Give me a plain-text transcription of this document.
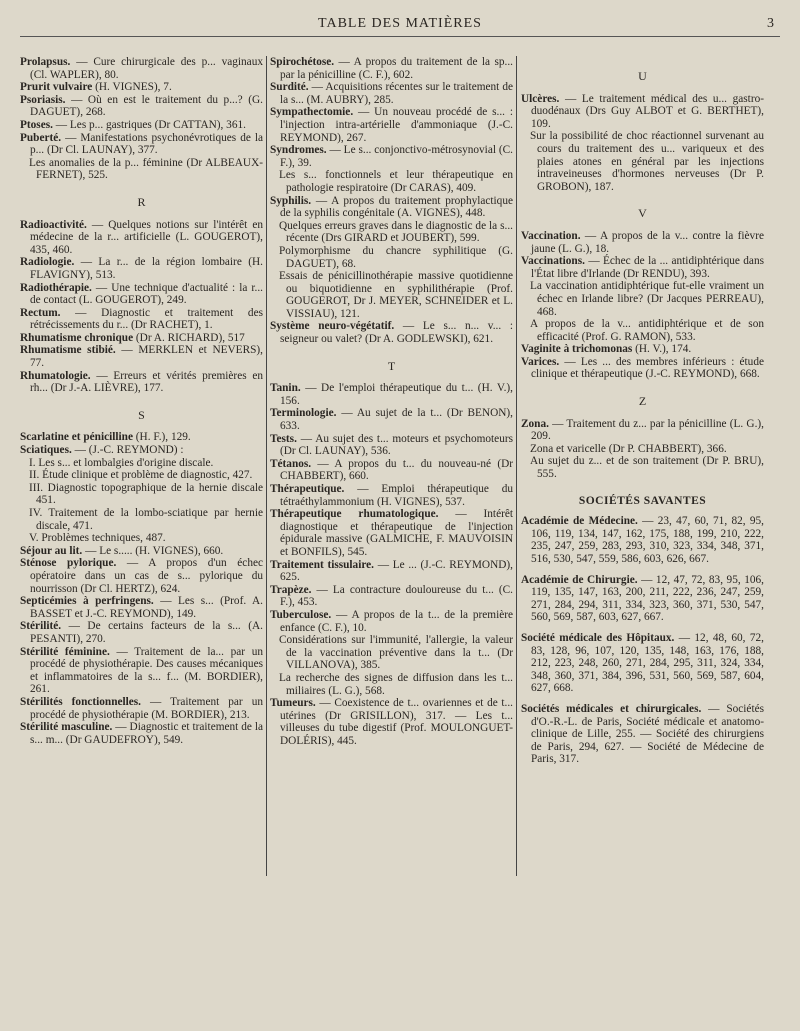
TABLE DES MATIÈRES	3

Prolapsus. — Cure chirurgicale des p... vaginaux (Cl. WAPLER), 80.

Prurit vulvaire (H. VIGNES), 7.

Psoriasis. — Où en est le traitement du p...? (G. DAGUET), 268.

Ptoses. — Les p... gastriques (Dr CATTAN), 361.

Puberté. — Manifestations psychonévrotiques de la p... (Dr Cl. LAUNAY), 377.

Les anomalies de la p... féminine (Dr ALBEAUX-FERNET), 525.

R

Radioactivité. — Quelques notions sur l'intérêt en médecine de la r... artificielle (L. GOUGEROT), 435, 460.

Radiologie. — La r... de la région lombaire (H. FLAVIGNY), 513.

Radiothérapie. — Une technique d'actualité : la r... de contact (L. GOUGEROT), 249.

Rectum. — Diagnostic et traitement des rétrécissements du r... (Dr RACHET), 1.

Rhumatisme chronique (Dr A. RICHARD), 517

Rhumatisme stibié. — MERKLEN et NEVERS), 77.

Rhumatologie. — Erreurs et vérités premières en rh... (Dr J.-A. LIÈVRE), 177.

S

Scarlatine et pénicilline (H. F.), 129.

Sciatiques. — (J.-C. REYMOND) :

I. Les s... et lombalgies d'origine discale.

II. Étude clinique et problème de diagnostic, 427.

III. Diagnostic topographique de la hernie discale 451.

IV. Traitement de la lombo-sciatique par hernie discale, 471.

V. Problèmes techniques, 487.

Séjour au lit. — Le s..... (H. VIGNES), 660.

Sténose pylorique. — A propos d'un échec opératoire dans un cas de s... pylorique du nourrisson (Dr Cl. HERTZ), 624.

Septicémies à perfringens. — Les s... (Prof. A. BASSET et J.-C. REYMOND), 149.

Stérilité. — De certains facteurs de la s... (A. PESANTI), 270.

Stérilité féminine. — Traitement de la... par un procédé de physiothérapie. Des causes mécaniques et inflammatoires de la s... f... (M. BORDIER), 261.

Stérilités fonctionnelles. — Traitement par un procédé de physiothérapie (M. BORDIER), 213.

Stérilité masculine. — Diagnostic et traitement de la s... m... (Dr GAUDEFROY), 549.

Spirochétose. — A propos du traitement de la sp... par la pénicilline (C. F.), 602.

Surdité. — Acquisitions récentes sur le traitement de la s... (M. AUBRY), 285.

Sympathectomie. — Un nouveau procédé de s... : l'injection intra-artérielle d'ammoniaque (J.-C. REYMOND), 267.

Syndromes. — Le s... conjonctivo-métrosynovial (C. F.), 39.

Les s... fonctionnels et leur thérapeutique en pathologie respiratoire (Dr CARAS), 409.

Syphilis. — A propos du traitement prophylactique de la syphilis congénitale (A. VIGNES), 448.

Quelques erreurs graves dans le diagnostic de la s... récente (Drs GIRARD et JOUBERT), 599.

Polymorphisme du chancre syphilitique (G. DAGUET), 68.

Essais de pénicillinothérapie massive quotidienne ou biquotidienne en syphilithérapie (Prof. GOUGEROT, Dr J. MEYER, SCHNEIDER et L. VISSIAU), 121.

Système neuro-végétatif. — Le s... n... v... : seigneur ou valet? (Dr A. GODLEWSKI), 621.

T

Tanin. — De l'emploi thérapeutique du t... (H. V.), 156.

Terminologie. — Au sujet de la t... (Dr BENON), 633.

Tests. — Au sujet des t... moteurs et psychomoteurs (Dr Cl. LAUNAY), 536.

Tétanos. — A propos du t... du nouveau-né (Dr CHABBERT), 660.

Thérapeutique. — Emploi thérapeutique du tétraéthylammonium (H. VIGNES), 537.

Thérapeutique rhumatologique. — Intérêt diagnostique et thérapeutique de l'injection épidurale massive (GALMICHE, F. MAUVOISIN et BONFILS), 545.

Traitement tissulaire. — Le ... (J.-C. REYMOND), 625.

Trapèze. — La contracture douloureuse du t... (C. F.), 453.

Tuberculose. — A propos de la t... de la première enfance (C. F.), 10.

Considérations sur l'immunité, l'allergie, la valeur de la vaccination préventive dans la t... (Dr VILLANOVA), 385.

La recherche des signes de diffusion dans les t... miliaires (L. G.), 568.

Tumeurs. — Coexistence de t... ovariennes et de t... utérines (Dr GRISILLON), 317. — Les t... villeuses du tube digestif (Prof. MOULONGUET-DOLÉRIS), 445.

U

Ulcères. — Le traitement médical des u... gastro-duodénaux (Drs Guy ALBOT et G. BERTHET), 109.

Sur la possibilité de choc réactionnel survenant au cours du traitement des u... variqueux et des plaies atones en général par les injections intraveineuses d'hormones nerveuses (Dr P. GROBON), 187.

V

Vaccination. — A propos de la v... contre la fièvre jaune (L. G.), 18.

Vaccinations. — Échec de la ... antidiphtérique dans l'État libre d'Irlande (Dr RENDU), 393.

La vaccination antidiphtérique fut-elle vraiment un échec en Irlande libre? (Dr Jacques PERREAU), 468.

A propos de la v... antidiphtérique et de son efficacité (Prof. G. RAMON), 533.

Vaginite à trichomonas (H. V.), 174.

Varices. — Les ... des membres inférieurs : étude clinique et thérapeutique (J.-C. REYMOND), 668.

Z

Zona. — Traitement du z... par la pénicilline (L. G.), 209.

Zona et varicelle (Dr P. CHABBERT), 366.

Au sujet du z... et de son traitement (Dr P. BRU), 555.

SOCIÉTÉS SAVANTES

Académie de Médecine. — 23, 47, 60, 71, 82, 95, 106, 119, 134, 147, 162, 175, 188, 199, 210, 222, 235, 247, 259, 283, 293, 310, 323, 334, 348, 371, 516, 530, 547, 559, 586, 603, 626, 667.

Académie de Chirurgie. — 12, 47, 72, 83, 95, 106, 119, 135, 147, 163, 200, 211, 222, 236, 247, 259, 271, 284, 294, 311, 334, 323, 360, 371, 530, 547, 560, 569, 587, 603, 627, 667.

Société médicale des Hôpitaux. — 12, 48, 60, 72, 83, 128, 96, 107, 120, 135, 148, 163, 176, 188, 212, 223, 248, 260, 271, 284, 295, 311, 324, 334, 348, 360, 371, 384, 396, 531, 560, 569, 587, 604, 627, 668.

Sociétés médicales et chirurgicales. — Sociétés d'O.-R.-L. de Paris, Société médicale et anatomo-clinique de Lille, 255. — Société des chirurgiens de Paris, 294, 627. — Société de Médecine de Paris, 317.
